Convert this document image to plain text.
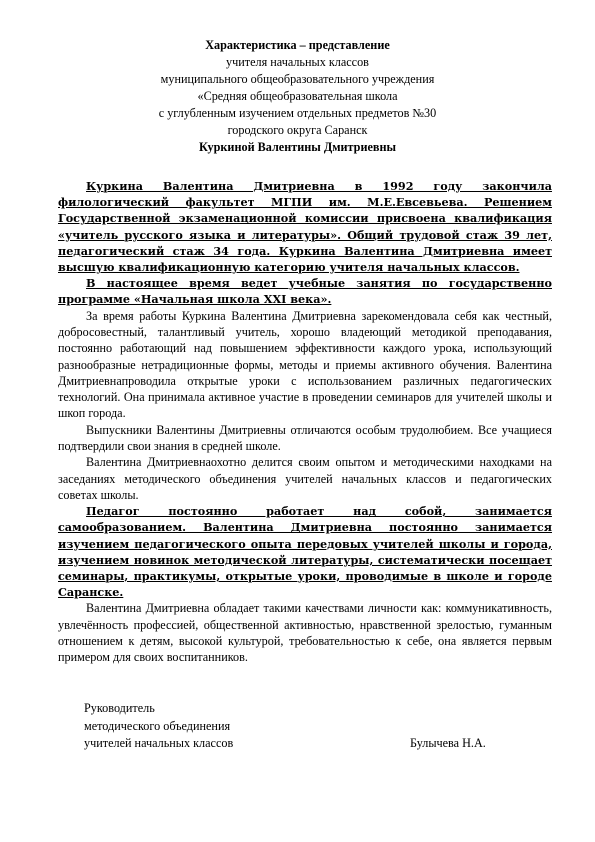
Характеристика – представление
учителя начальных классов
муниципального общеобразовательного учреждения
«Средняя общеобразовательная школа
с углубленным изучением отдельных предметов №30
городского округа Саранск
Куркиной Валентины Дмитриевны

Куркина Валентина Дмитриевна в 1992 году закончила филологический факультет МГПИ им. М.Е.Евсевьева. Решением Государственной экзаменационной комиссии присвоена квалификация «учитель русского языка и литературы». Общий трудовой стаж 39 лет, педагогический стаж 34 года. Куркина Валентина Дмитриевна имеет высшую квалификационную категорию учителя начальных классов.

В настоящее время ведет учебные занятия по государственно программе «Начальная школа XXI века».

За время работы Куркина Валентина Дмитриевна зарекомендовала себя как честный, добросовестный, талантливый учитель, хорошо владеющий методикой преподавания, постоянно работающий над повышением эффективности каждого урока, использующий разнообразные нетрадиционные формы, методы и приемы активного обучения. Валентина Дмитриевнапроводила открытые уроки с использованием различных педагогических технологий. Она принимала активное участие в проведении семинаров для учителей школы и шкоп города.

Выпускники Валентины Дмитриевны отличаются особым трудолюбием. Все учащиеся подтвердили свои знания в средней школе.

Валентина Дмитриевнаохотно делится своим опытом и методическими находками на заседаниях методического объединения учителей начальных классов и педагогических советах школы.

Педагог постоянно работает над собой, занимается самообразованием. Валентина Дмитриевна постоянно занимается изучением педагогического опыта передовых учителей школы и города, изучением новинок методической литературы, систематически посещает семинары, практикумы, открытые уроки, проводимые в школе и городе Саранске.

Валентина Дмитриевна обладает такими качествами личности как: коммуникативность, увлечённость профессией, общественной активностью, нравственной зрелостью, гуманным отношением к детям, высокой культурой, требовательностью к себе, она является первым примером для своих воспитанников.

Руководитель
методического объединения
учителей начальных классов	Булычева Н.А.
